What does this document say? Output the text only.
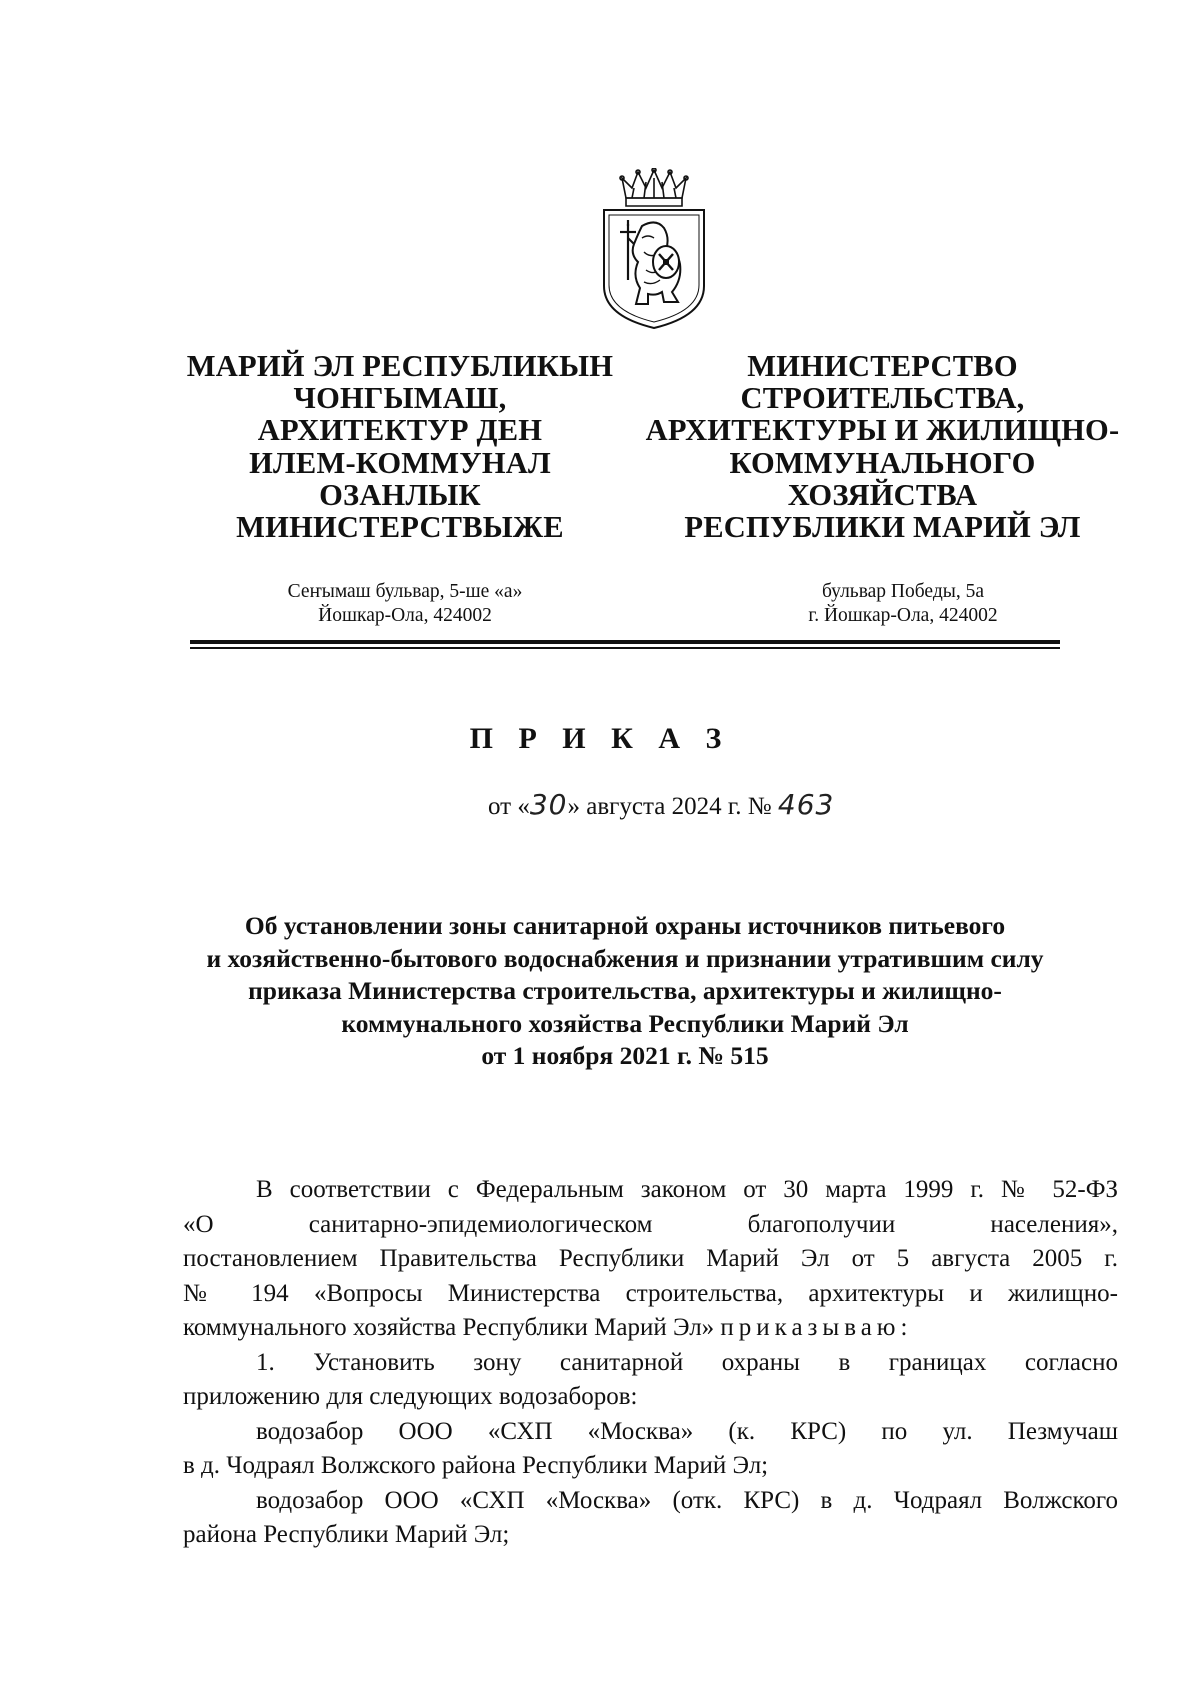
МАРИЙ ЭЛ РЕСПУБЛИКЫН
ЧОНГЫМАШ,
АРХИТЕКТУР ДЕН
ИЛЕМ-КОММУНАЛ
ОЗАНЛЫК
МИНИСТЕРСТВЫЖЕ
МИНИСТЕРСТВО
СТРОИТЕЛЬСТВА,
АРХИТЕКТУРЫ И ЖИЛИЩНО-
КОММУНАЛЬНОГО
ХОЗЯЙСТВА
РЕСПУБЛИКИ МАРИЙ ЭЛ
Сеҥымаш бульвар, 5-ше «а»
Йошкар-Ола, 424002
бульвар Победы, 5а
г. Йошкар-Ола, 424002
П Р И К А З
от «30» августа 2024 г. № 463
Об установлении зоны санитарной охраны источников питьевого
и хозяйственно-бытового водоснабжения и признании утратившим силу
приказа Министерства строительства, архитектуры и жилищно-
коммунального хозяйства Республики Марий Эл
от 1 ноября 2021 г. № 515
В соответствии с Федеральным законом от 30 марта 1999 г. № 52-ФЗ
«О санитарно-эпидемиологическом благополучии населения»,
постановлением Правительства Республики Марий Эл от 5 августа 2005 г.
№ 194 «Вопросы Министерства строительства, архитектуры и жилищно-
коммунального хозяйства Республики Марий Эл» приказываю:
1. Установить зону санитарной охраны в границах согласно
приложению для следующих водозаборов:
водозабор ООО «СХП «Москва» (к. КРС) по ул. Пезмучаш
в д. Чодраял Волжского района Республики Марий Эл;
водозабор ООО «СХП «Москва» (отк. КРС) в д. Чодраял Волжского
района Республики Марий Эл;
